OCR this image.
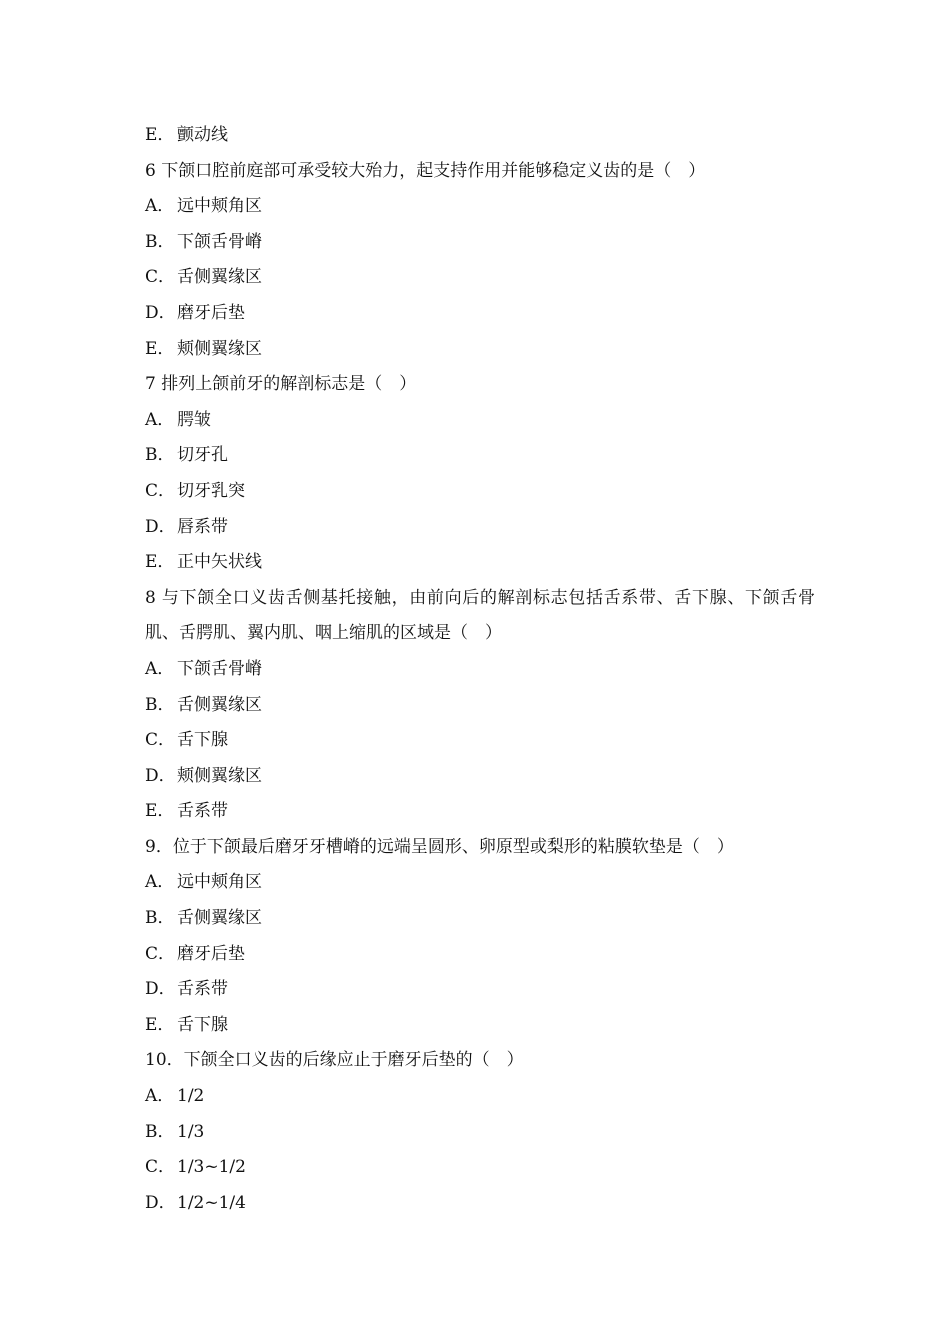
E． 颤动线
6 下颌口腔前庭部可承受较大殆力，起支持作用并能够稳定义齿的是（　）
A． 远中颊角区
B． 下颌舌骨嵴
C． 舌侧翼缘区
D．磨牙后垫
E． 颊侧翼缘区
7 排列上颌前牙的解剖标志是（　）
A． 腭皱
B． 切牙孔
C． 切牙乳突
D．唇系带
E． 正中矢状线
8 与下颌全口义齿舌侧基托接触，由前向后的解剖标志包括舌系带、舌下腺、下颌舌骨肌、舌腭肌、翼内肌、咽上缩肌的区域是（　）
A． 下颌舌骨嵴
B． 舌侧翼缘区
C． 舌下腺
D．颊侧翼缘区
E． 舌系带
9．位于下颌最后磨牙牙槽嵴的远端呈圆形、卵原型或梨形的粘膜软垫是（　）
A． 远中颊角区
B． 舌侧翼缘区
C． 磨牙后垫
D．舌系带
E． 舌下腺
10．下颌全口义齿的后缘应止于磨牙后垫的（　）
A． 1/2
B． 1/3
C． 1/3~1/2
D．1/2~1/4
